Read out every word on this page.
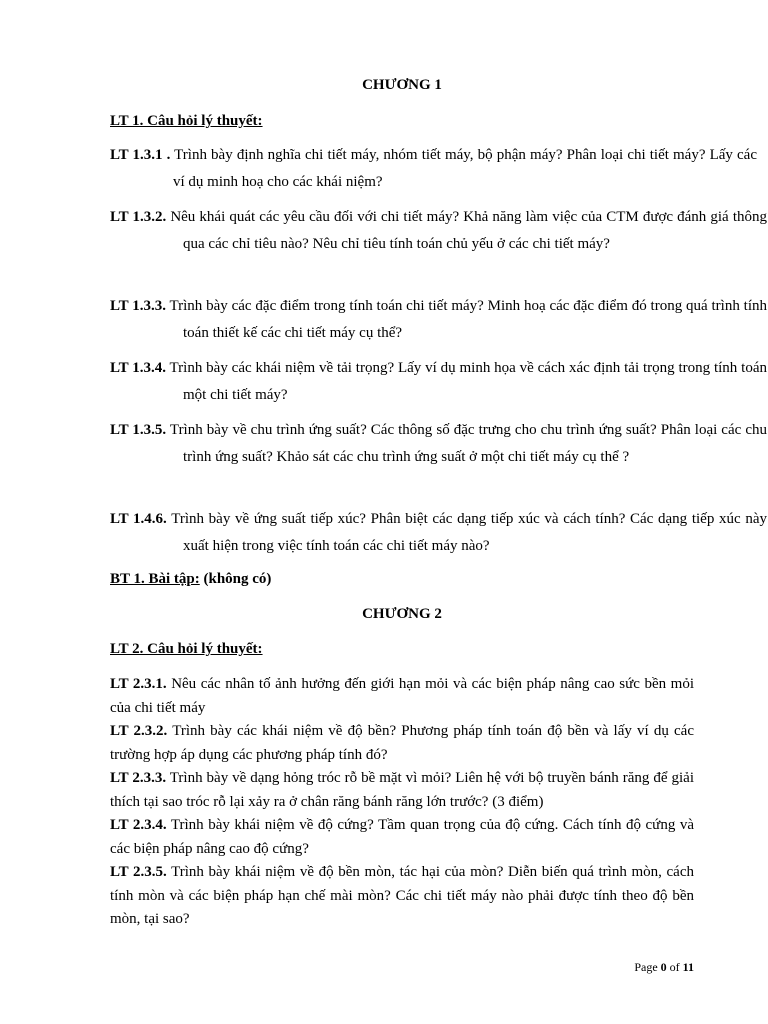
CHƯƠNG 1
LT 1. Câu hỏi lý thuyết:
LT 1.3.1 . Trình bày định nghĩa chi tiết máy, nhóm tiết máy, bộ phận máy? Phân loại chi tiết máy? Lấy các ví dụ minh hoạ cho các khái niệm?
LT 1.3.2. Nêu khái quát các yêu cầu đối với chi tiết máy? Khả năng làm việc của CTM được đánh giá thông qua các chỉ tiêu nào? Nêu chỉ tiêu tính toán chủ yếu ở các chi tiết máy?
LT 1.3.3. Trình bày các đặc điểm trong tính toán chi tiết máy? Minh hoạ các đặc điểm đó trong quá trình tính toán thiết kế các chi tiết máy cụ thể?
LT 1.3.4. Trình bày các khái niệm về tải trọng? Lấy ví dụ minh họa về cách xác định tải trọng trong tính toán một chi tiết máy?
LT 1.3.5. Trình bày về chu trình ứng suất? Các thông số đặc trưng cho chu trình ứng suất? Phân loại các chu trình ứng suất? Khảo sát các chu trình ứng suất ở một chi tiết máy cụ thể ?
LT 1.4.6. Trình bày về ứng suất tiếp xúc? Phân biệt các dạng tiếp xúc và cách tính? Các dạng tiếp xúc này xuất hiện trong việc tính toán các chi tiết máy nào?
BT 1. Bài tập: (không có)
CHƯƠNG 2
LT 2. Câu hỏi lý thuyết:
LT 2.3.1. Nêu các nhân tố ảnh hưởng đến giới hạn mỏi và các biện pháp nâng cao sức bền mỏi của chi tiết máy
LT 2.3.2. Trình bày các khái niệm về độ bền? Phương pháp tính toán độ bền và lấy ví dụ các trường hợp áp dụng các phương pháp tính đó?
LT 2.3.3. Trình bày về dạng hỏng tróc rỗ bề mặt vì mỏi? Liên hệ với bộ truyền bánh răng để giải thích tại sao tróc rỗ lại xảy ra ở chân răng bánh răng lớn trước? (3 điểm)
LT 2.3.4. Trình bày khái niệm về độ cứng? Tầm quan trọng của độ cứng. Cách tính độ cứng và các biện pháp nâng cao độ cứng?
LT 2.3.5. Trình bày khái niệm về độ bền mòn, tác hại của mòn? Diễn biến quá trình mòn, cách tính mòn và các biện pháp hạn chế mài mòn? Các chi tiết máy nào phải được tính theo độ bền mòn, tại sao?
Page 0 of 11
